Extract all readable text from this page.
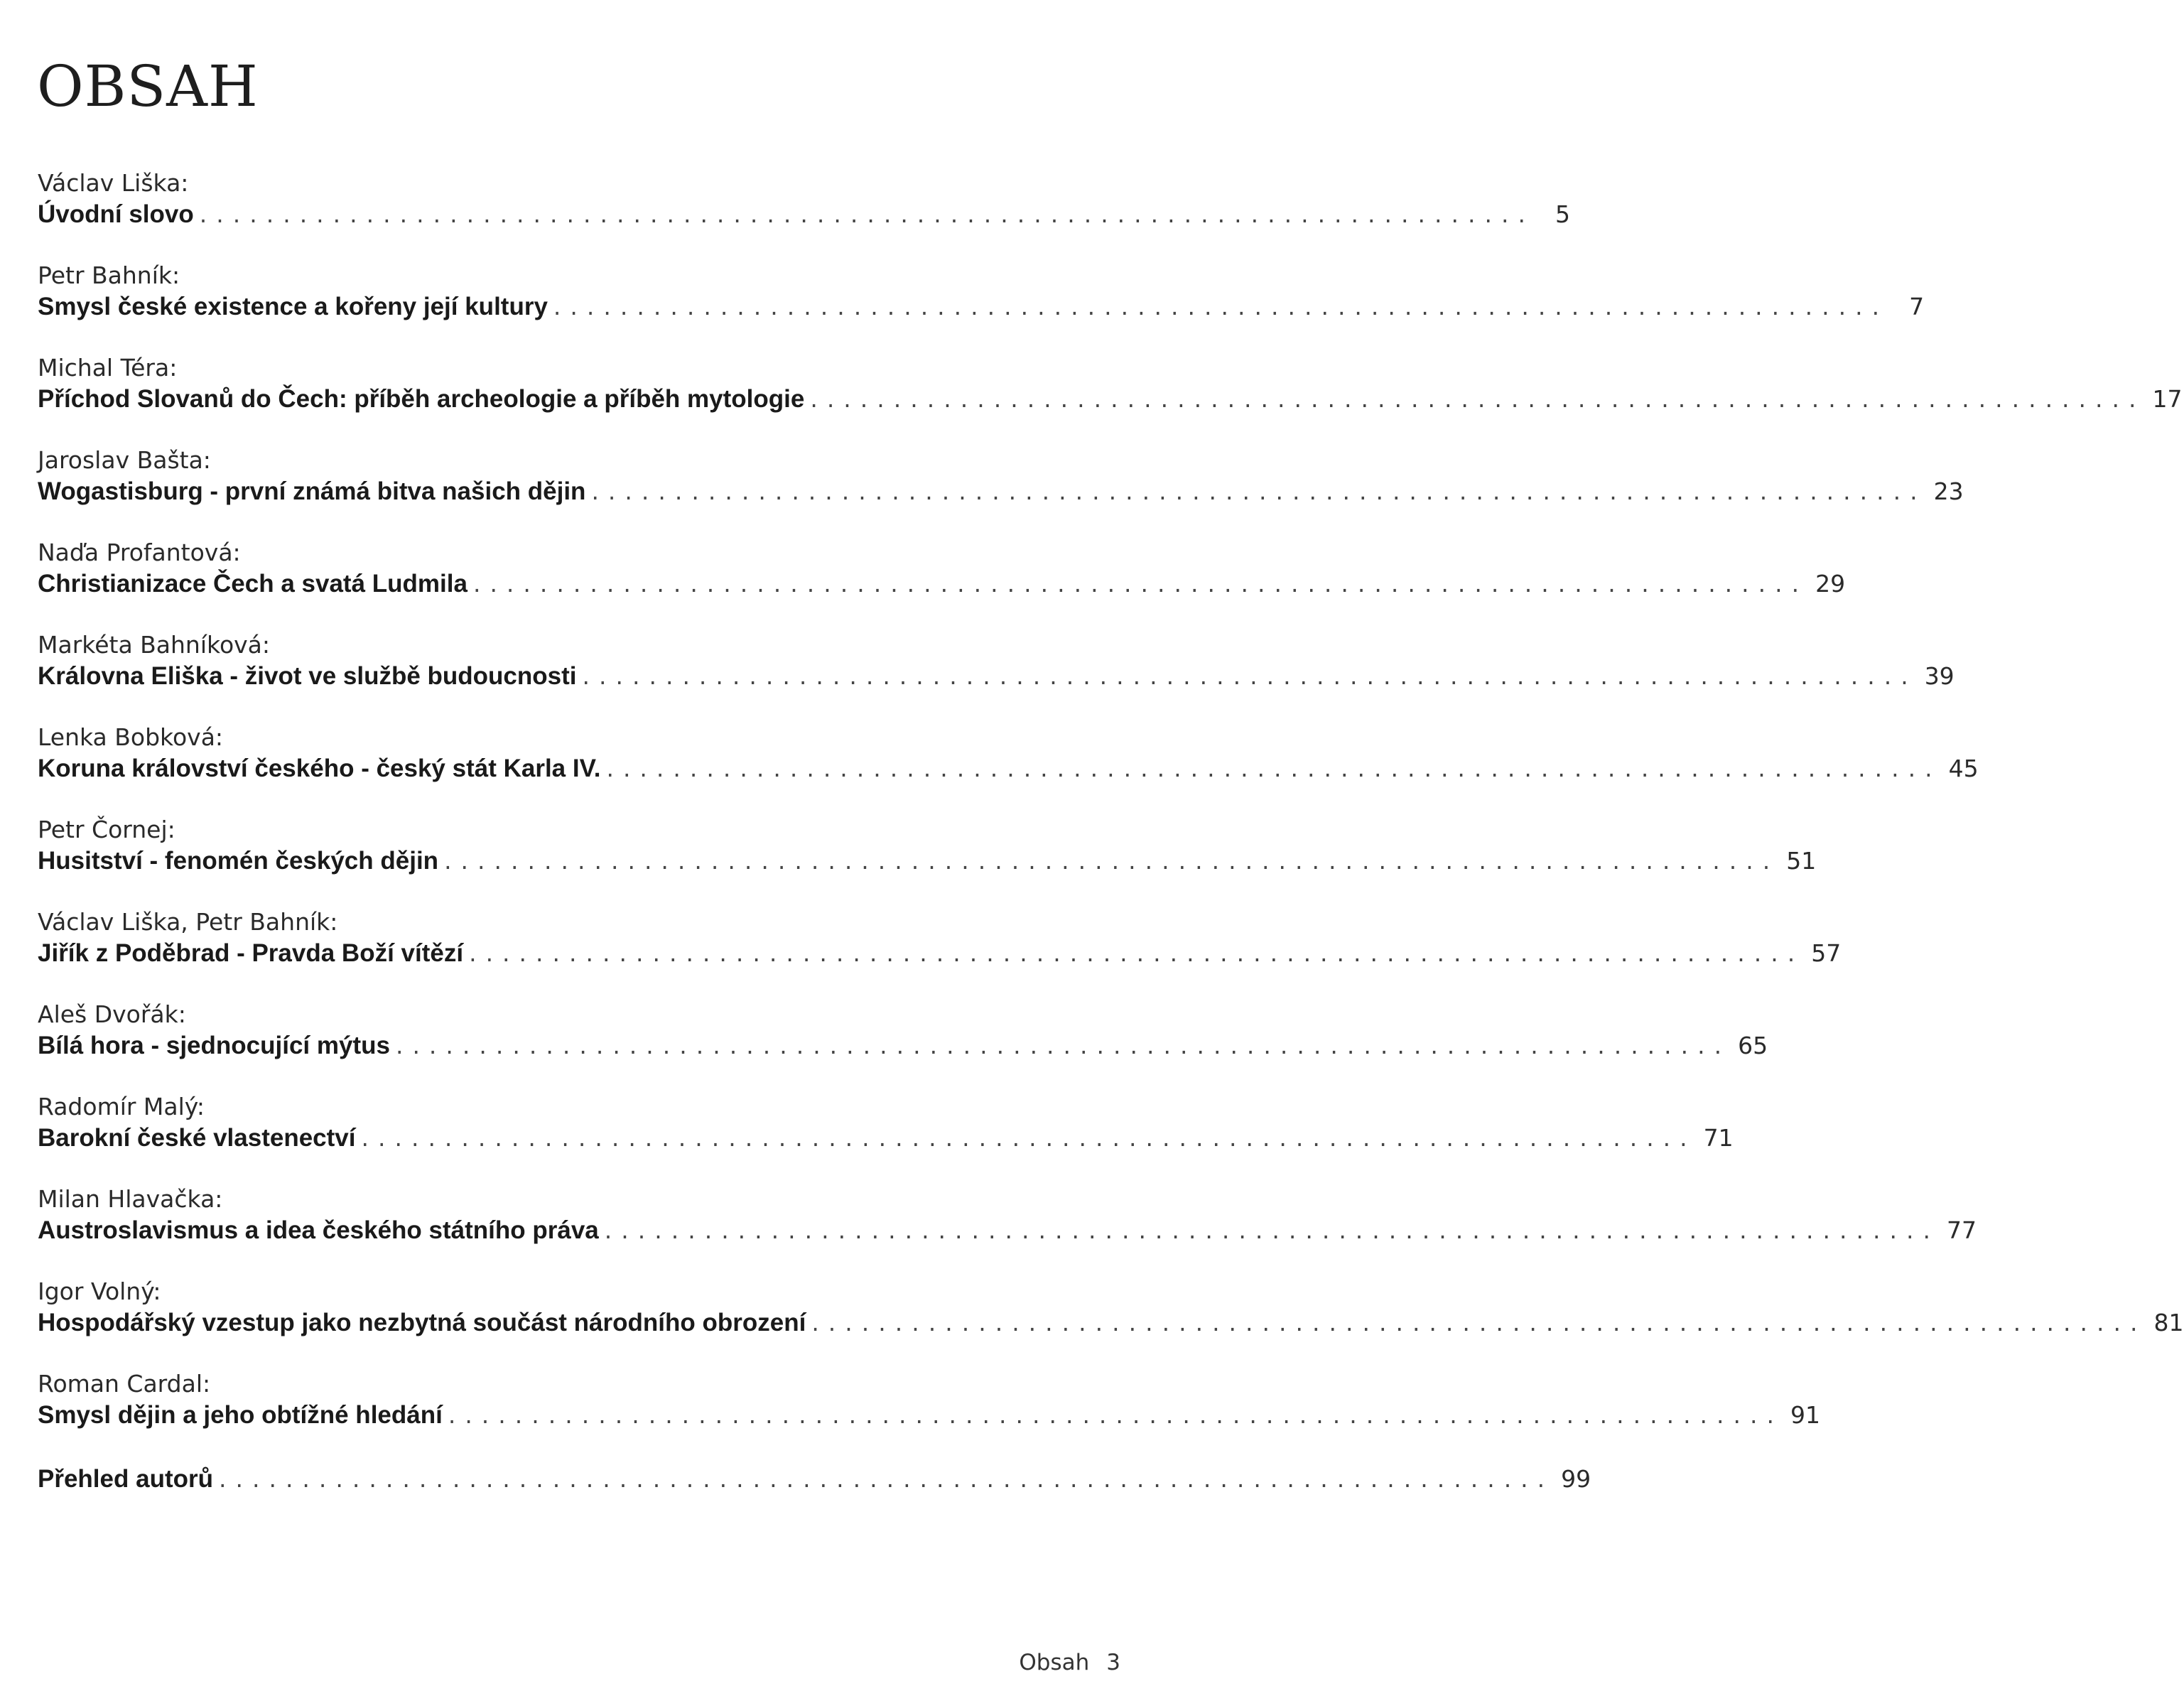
OBSAH
Václav Liška:
Úvodní slovo ................................................................................ 5
Petr Bahník:
Smysl české existence a kořeny její kultury ................................................................................ 7
Michal Téra:
Příchod Slovanů do Čech: příběh archeologie a příběh mytologie ................................................................................ 17
Jaroslav Bašta:
Wogastisburg - první známá bitva našich dějin ................................................................................ 23
Naďa Profantová:
Christianizace Čech a svatá Ludmila ................................................................................ 29
Markéta Bahníková:
Královna Eliška - život ve službě budoucnosti ................................................................................ 39
Lenka Bobková:
Koruna království českého - český stát Karla IV. ................................................................................ 45
Petr Čornej:
Husitství - fenomén českých dějin ................................................................................ 51
Václav Liška, Petr Bahník:
Jiřík z Poděbrad - Pravda Boží vítězí ................................................................................ 57
Aleš Dvořák:
Bílá hora - sjednocující mýtus ................................................................................ 65
Radomír Malý:
Barokní české vlastenectví ................................................................................ 71
Milan Hlavačka:
Austroslavismus a idea českého státního práva ................................................................................ 77
Igor Volný:
Hospodářský vzestup jako nezbytná součást národního obrození ................................................................................ 81
Roman Cardal:
Smysl dějin a jeho obtížné hledání ................................................................................ 91
Přehled autorů ................................................................................ 99
Obsah 3
